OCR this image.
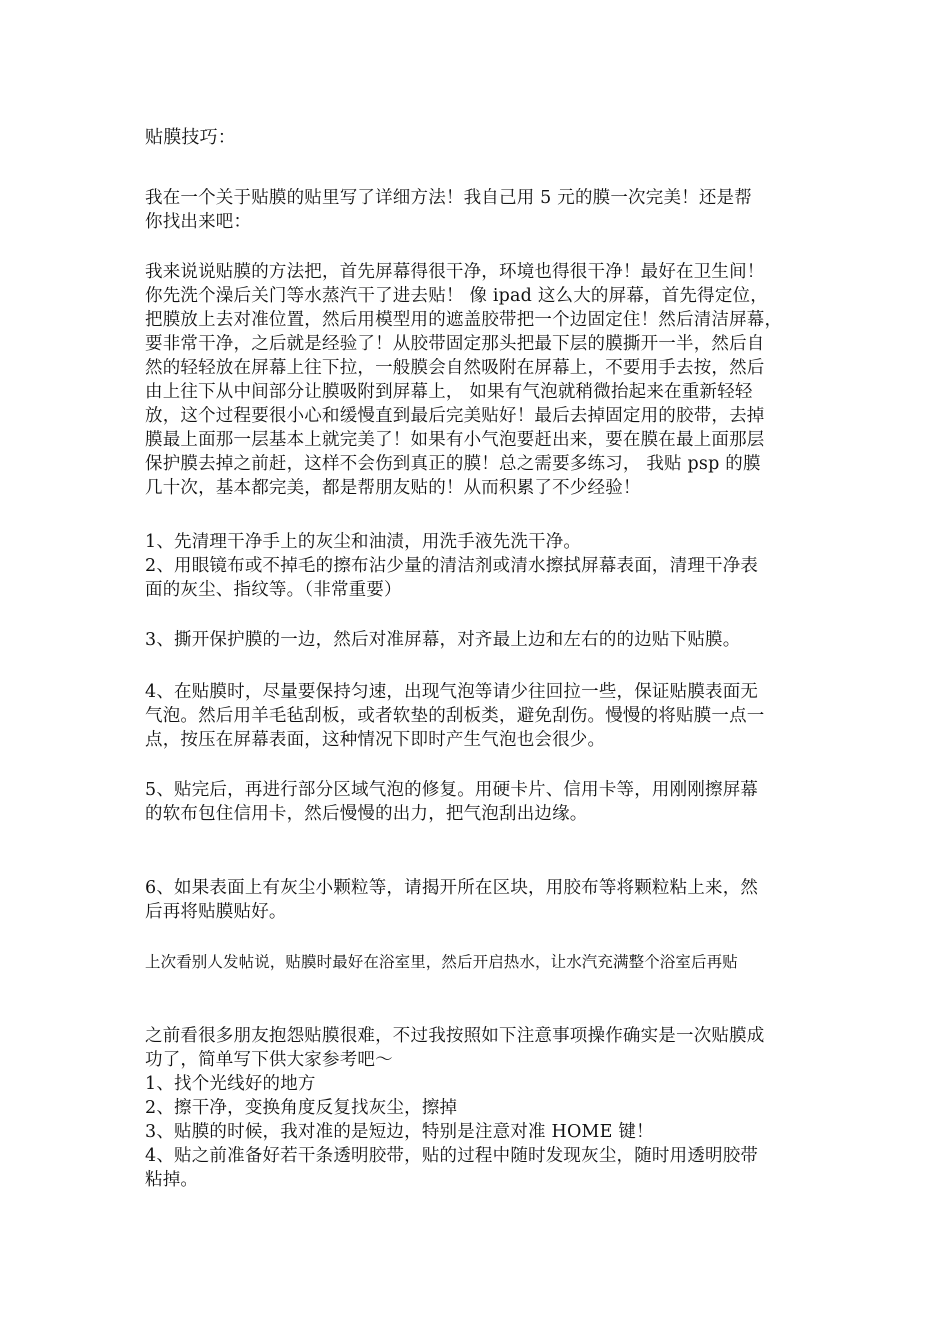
贴膜技巧：
我在一个关于贴膜的贴里写了详细方法！我自己用 5 元的膜一次完美！还是帮
你找出来吧：
我来说说贴膜的方法把，首先屏幕得很干净，环境也得很干净！最好在卫生间！
你先洗个澡后关门等水蒸汽干了进去贴！ 像 ipad 这么大的屏幕，首先得定位，
把膜放上去对准位置，然后用模型用的遮盖胶带把一个边固定住！然后清洁屏幕，
要非常干净，之后就是经验了！从胶带固定那头把最下层的膜撕开一半，然后自
然的轻轻放在屏幕上往下拉，一般膜会自然吸附在屏幕上，不要用手去按，然后
由上往下从中间部分让膜吸附到屏幕上， 如果有气泡就稍微抬起来在重新轻轻
放，这个过程要很小心和缓慢直到最后完美贴好！最后去掉固定用的胶带，去掉
膜最上面那一层基本上就完美了！如果有小气泡要赶出来，要在膜在最上面那层
保护膜去掉之前赶，这样不会伤到真正的膜！总之需要多练习， 我贴 psp 的膜
几十次，基本都完美，都是帮朋友贴的！从而积累了不少经验！
1、先清理干净手上的灰尘和油渍，用洗手液先洗干净。
2、用眼镜布或不掉毛的擦布沾少量的清洁剂或清水擦拭屏幕表面，清理干净表
面的灰尘、指纹等。（非常重要）
3、撕开保护膜的一边，然后对准屏幕，对齐最上边和左右的的边贴下贴膜。
4、在贴膜时，尽量要保持匀速，出现气泡等请少往回拉一些，保证贴膜表面无
气泡。然后用羊毛毡刮板，或者软垫的刮板类，避免刮伤。慢慢的将贴膜一点一
点，按压在屏幕表面，这种情况下即时产生气泡也会很少。
5、贴完后，再进行部分区域气泡的修复。用硬卡片、信用卡等，用刚刚擦屏幕
的软布包住信用卡，然后慢慢的出力，把气泡刮出边缘。
6、如果表面上有灰尘小颗粒等，请揭开所在区块，用胶布等将颗粒粘上来，然
后再将贴膜贴好。
上次看别人发帖说，贴膜时最好在浴室里，然后开启热水，让水汽充满整个浴室后再贴
之前看很多朋友抱怨贴膜很难，不过我按照如下注意事项操作确实是一次贴膜成
功了，简单写下供大家参考吧～
1、找个光线好的地方
2、擦干净，变换角度反复找灰尘，擦掉
3、贴膜的时候，我对准的是短边，特别是注意对准 HOME 键！
4、贴之前准备好若干条透明胶带，贴的过程中随时发现灰尘，随时用透明胶带
粘掉。
